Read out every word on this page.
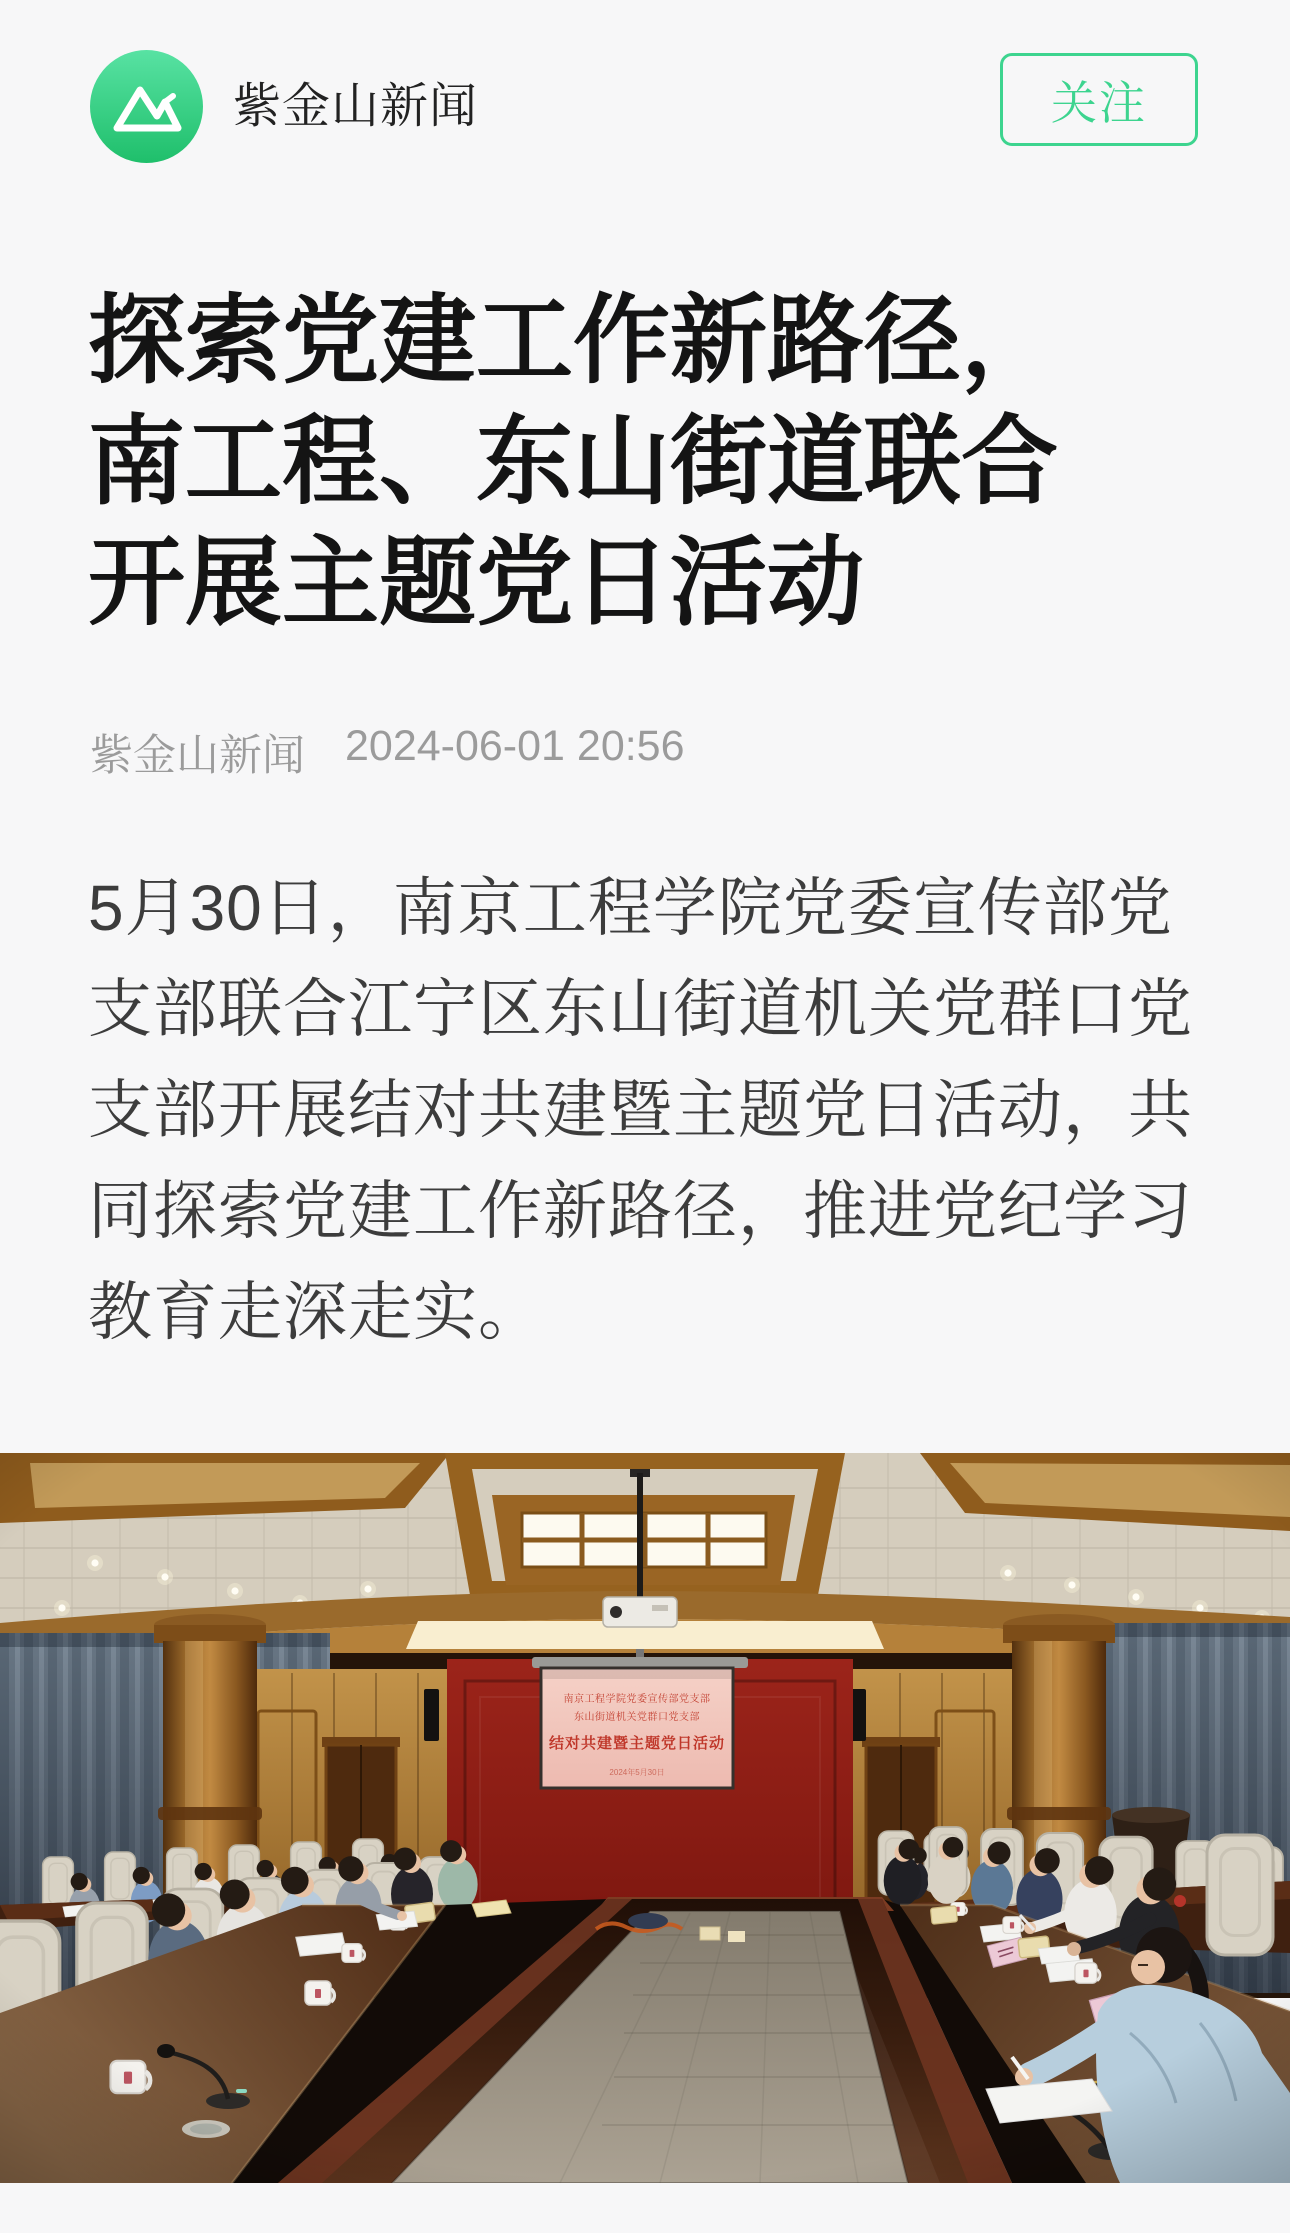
紫金山新闻	关注
探索党建工作新路径，
南工程、东山街道联合
开展主题党日活动
紫金山新闻 2024-06-01 20:56
5月30日，南京工程学院党委宣传部党
支部联合江宁区东山街道机关党群口党
支部开展结对共建暨主题党日活动，共
同探索党建工作新路径，推进党纪学习
教育走深走实。
